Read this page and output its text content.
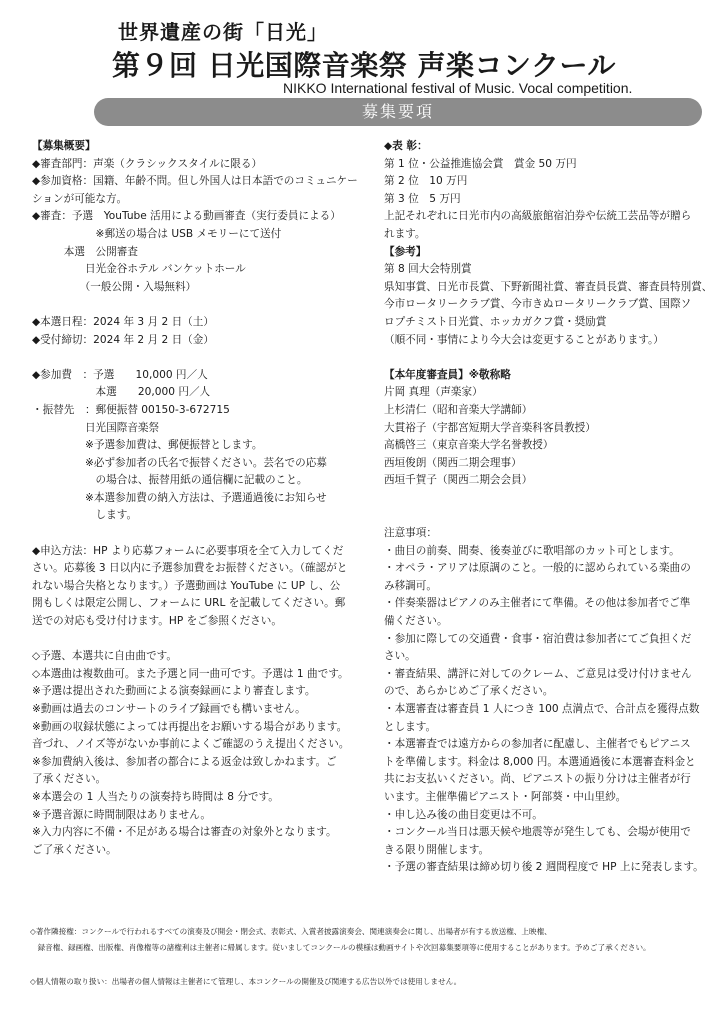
世界遺産の街「日光」
第９回 日光国際音楽祭 声楽コンクール
NIKKO International festival of Music. Vocal competition.
募集要項
【募集概要】
◆審査部門：声楽（クラシックスタイルに限る）
◆参加資格：国籍、年齢不問。但し外国人は日本語でのコミュニケー
ションが可能な方。
◆審査：予選　YouTube 活用による動画審査（実行委員による）
　　　　　　※郵送の場合は USB メモリーにて送付
　　　本選　公開審査
　　　　　日光金谷ホテル バンケットホール
　　　　　（一般公開・入場無料）
◆本選日程：2024 年 3 月 2 日（土）
◆受付締切：2024 年 2 月 2 日（金）
◆参加費　：予選　　10,000 円／人
　　　　　　本選　　20,000 円／人
・振替先　：郵便振替 00150-3-672715
　　　　　日光国際音楽祭
　　　　　※予選参加費は、郵便振替とします。
　　　　　※必ず参加者の氏名で振替ください。芸名での応募
　　　　　　の場合は、振替用紙の通信欄に記載のこと。
　　　　　※本選参加費の納入方法は、予選通過後にお知らせ
　　　　　　します。
◆申込方法：HP より応募フォームに必要事項を全て入力してくだ
さい。応募後 3 日以内に予選参加費をお振替ください。（確認がと
れない場合失格となります。）予選動画は YouTube に UP し、公
開もしくは限定公開し、フォームに URL を記載してください。郵
送での対応も受け付けます。HP をご参照ください。
◇予選、本選共に自由曲です。
◇本選曲は複数曲可。また予選と同一曲可です。予選は 1 曲です。
※予選は提出された動画による演奏録画により審査します。
※動画は過去のコンサートのライブ録画でも構いません。
※動画の収録状態によっては再提出をお願いする場合があります。
音づれ、ノイズ等がないか事前によくご確認のうえ提出ください。
※参加費納入後は、参加者の都合による返金は致しかねます。ご
了承ください。
※本選会の 1 人当たりの演奏持ち時間は 8 分です。
※予選音源に時間制限はありません。
※入力内容に不備・不足がある場合は審査の対象外となります。
ご了承ください。
◆表 彰：
第 1 位・公益推進協会賞　賞金 50 万円
第 2 位　10 万円
第 3 位　5 万円
上記それぞれに日光市内の高級旅館宿泊券や伝統工芸品等が贈ら
れます。
【参考】
第 8 回大会特別賞
県知事賞、日光市長賞、下野新聞社賞、審査員長賞、審査員特別賞、
今市ロータリークラブ賞、今市きぬロータリークラブ賞、国際ソ
ロプチミスト日光賞、ホッカガクフ賞・奨励賞
（順不同・事情により今大会は変更することがあります。）
【本年度審査員】※敬称略
片岡 真理（声楽家）
上杉清仁（昭和音楽大学講師）
大貫裕子（宇都宮短期大学音楽科客員教授）
高橋啓三（東京音楽大学名誉教授）
西垣俊朗（関西二期会理事）
西垣千賀子（関西二期会会員）
注意事項：
・曲目の前奏、間奏、後奏並びに歌唱部のカット可とします。
・オペラ・アリアは原調のこと。一般的に認められている楽曲の
み移調可。
・伴奏楽器はピアノのみ主催者にて準備。その他は参加者でご準
備ください。
・参加に際しての交通費・食事・宿泊費は参加者にてご負担くだ
さい。
・審査結果、講評に対してのクレーム、ご意見は受け付けません
ので、あらかじめご了承ください。
・本選審査は審査員 1 人につき 100 点満点で、合計点を獲得点数
とします。
・本選審査では遠方からの参加者に配慮し、主催者でもピアニス
トを準備します。料金は 8,000 円。本選通過後に本選審査料金と
共にお支払いください。尚、ピアニストの振り分けは主催者が行
います。主催準備ピアニスト・阿部葵・中山里紗。
・申し込み後の曲目変更は不可。
・コンクール当日は悪天候や地震等が発生しても、会場が使用で
きる限り開催します。
・予選の審査結果は締め切り後 2 週間程度で HP 上に発表します。
◇著作隣接権：コンクールで行われるすべての演奏及び開会・閉会式、表彰式、入賞者披露演奏会、関連演奏会に関し、出場者が有する放送権、上映権、
　録音権、録画権、出版権、肖像権等の諸権利は主催者に帰属します。従いましてコンクールの模様は動画サイトや次回募集要項等に使用することがあります。予めご了承ください。
◇個人情報の取り扱い：出場者の個人情報は主催者にて管理し、本コンクールの開催及び関連する広告以外では使用しません。
